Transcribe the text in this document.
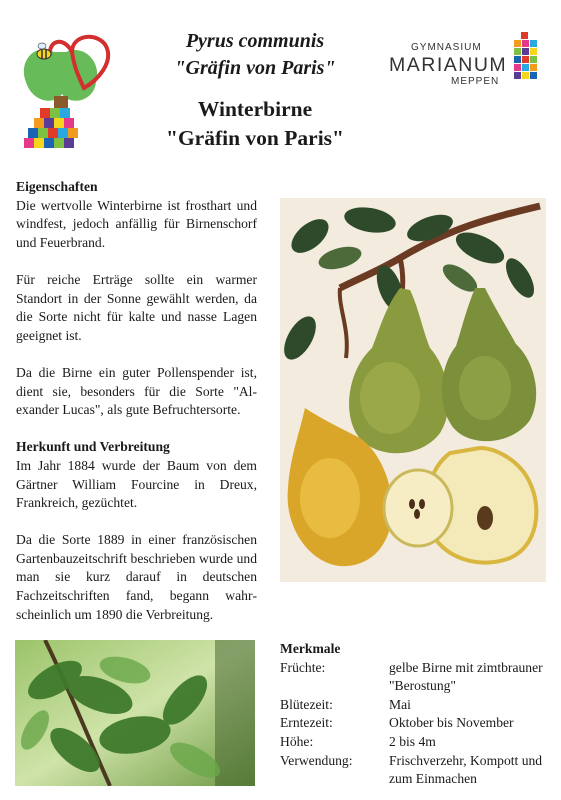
Pyrus communis
"Gräfin von Paris"
Winterbirne
"Gräfin von Paris"
GYMNASIUM
MARIANUM
MEPPEN
Eigenschaften

Die wertvolle Winterbirne ist frosthart und windfest, jedoch anfällig für Birnenschorf und Feuerbrand.

Für reiche Erträge sollte ein warmer Standort in der Sonne gewählt werden, da die Sorte nicht für kalte und nasse Lagen geeignet ist.

Da die Birne ein guter Pollenspender ist, dient sie, besonders für die Sorte "Alexander Lucas", als gute Befruchtersorte.

Herkunft und Verbreitung

Im Jahr 1884 wurde der Baum von dem Gärtner William Fourcine in Dreux, Frankreich, gezüchtet.

Da die Sorte 1889 in einer französischen Gartenbauzeitschrift beschrieben wurde und man sie kurz darauf in deutschen Fachzeitschriften fand, begann wahrscheinlich um 1890 die Verbreitung.

Merkmale
Früchte:	gelbe Birne mit zimtbrauner "Berostung"
Blütezeit:	Mai
Erntezeit:	Oktober bis November
Höhe:	2 bis 4m
Verwendung:	Frischverzehr, Kompott und zum Einmachen
